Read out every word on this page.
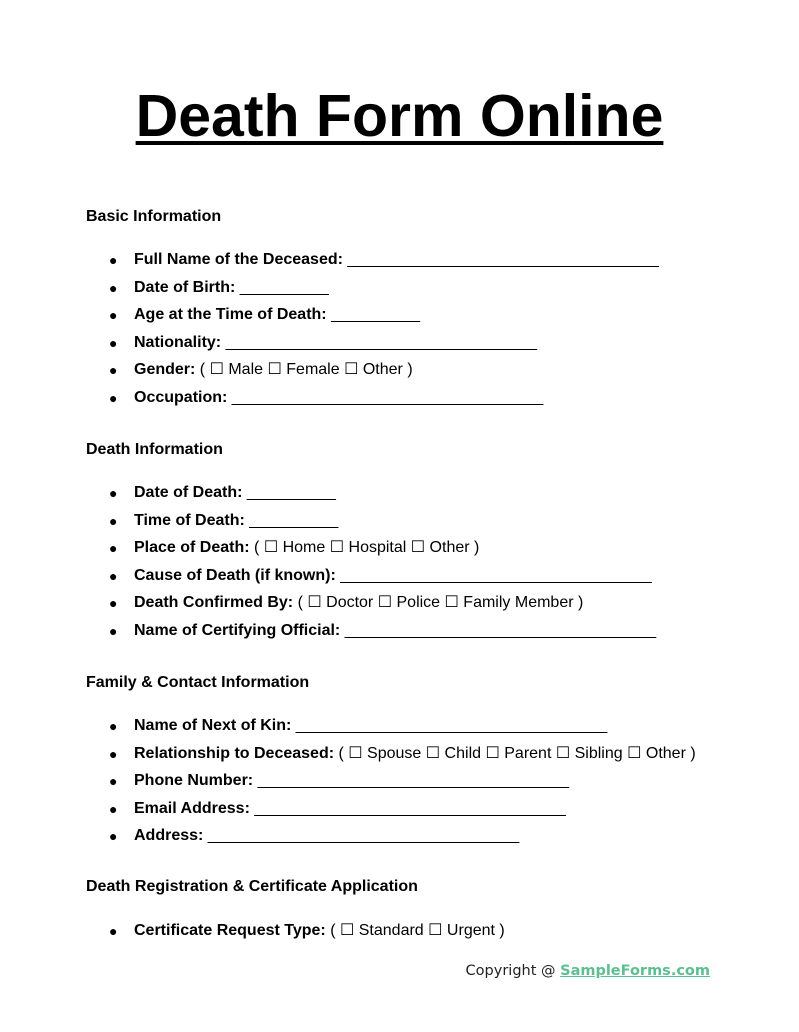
Death Form Online
Basic Information
● Full Name of the Deceased: ___________________________________
● Date of Birth: __________
● Age at the Time of Death: __________
● Nationality: ___________________________________
● Gender: ( ☐ Male ☐ Female ☐ Other )
● Occupation: ___________________________________
Death Information
● Date of Death: __________
● Time of Death: __________
● Place of Death: ( ☐ Home ☐ Hospital ☐ Other )
● Cause of Death (if known): ___________________________________
● Death Confirmed By: ( ☐ Doctor ☐ Police ☐ Family Member )
● Name of Certifying Official: ___________________________________
Family & Contact Information
● Name of Next of Kin: ___________________________________
● Relationship to Deceased: ( ☐ Spouse ☐ Child ☐ Parent ☐ Sibling ☐ Other )
● Phone Number: ___________________________________
● Email Address: ___________________________________
● Address: ___________________________________
Death Registration & Certificate Application
● Certificate Request Type: ( ☐ Standard ☐ Urgent )
Copyright @ SampleForms.com
